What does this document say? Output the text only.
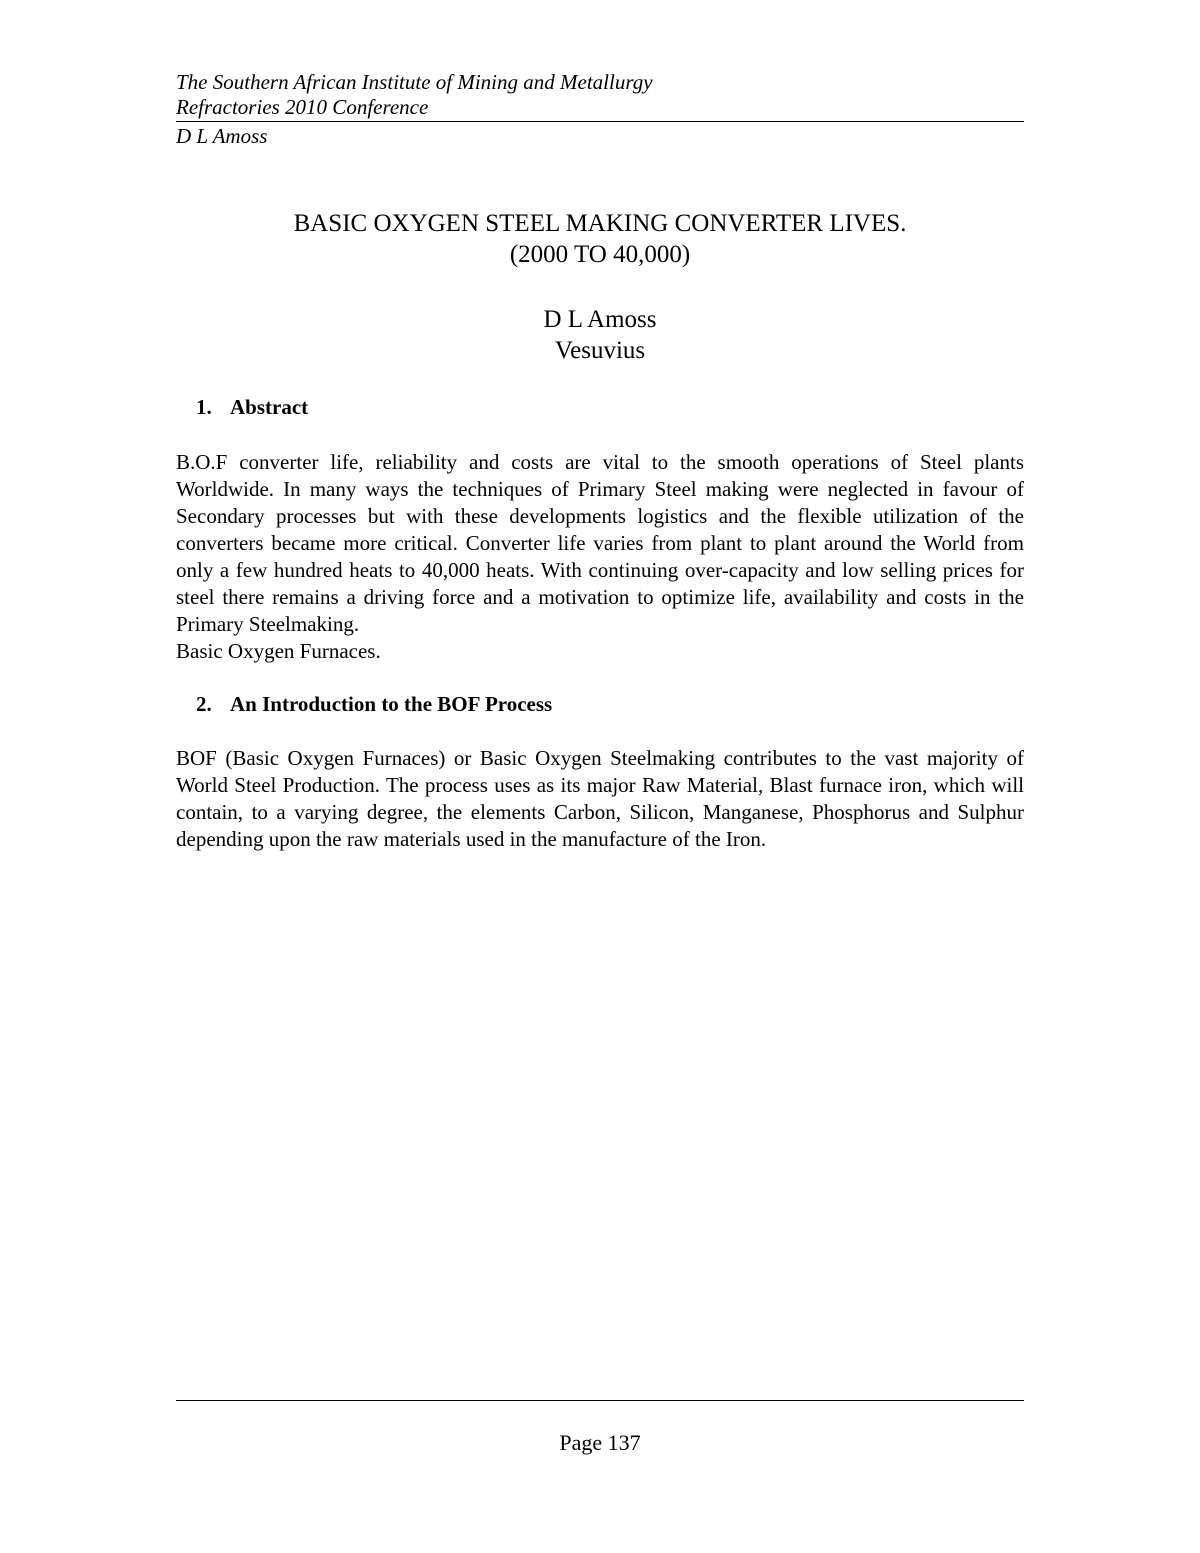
The Southern African Institute of Mining and Metallurgy
Refractories 2010 Conference
D L Amoss
BASIC OXYGEN STEEL MAKING CONVERTER LIVES.
(2000 TO 40,000)
D L Amoss
Vesuvius
1. Abstract
B.O.F converter life, reliability and costs are vital to the smooth operations of Steel plants Worldwide. In many ways the techniques of Primary Steel making were neglected in favour of Secondary processes but with these developments logistics and the flexible utilization of the converters became more critical. Converter life varies from plant to plant around the World from only a few hundred heats to 40,000 heats. With continuing over-capacity and low selling prices for steel there remains a driving force and a motivation to optimize life, availability and costs in the Primary Steelmaking.
Basic Oxygen Furnaces.
2. An Introduction to the BOF Process
BOF (Basic Oxygen Furnaces) or Basic Oxygen Steelmaking contributes to the vast majority of World Steel Production. The process uses as its major Raw Material, Blast furnace iron, which will contain, to a varying degree, the elements Carbon, Silicon, Manganese, Phosphorus and Sulphur depending upon the raw materials used in the manufacture of the Iron.
Page 137
